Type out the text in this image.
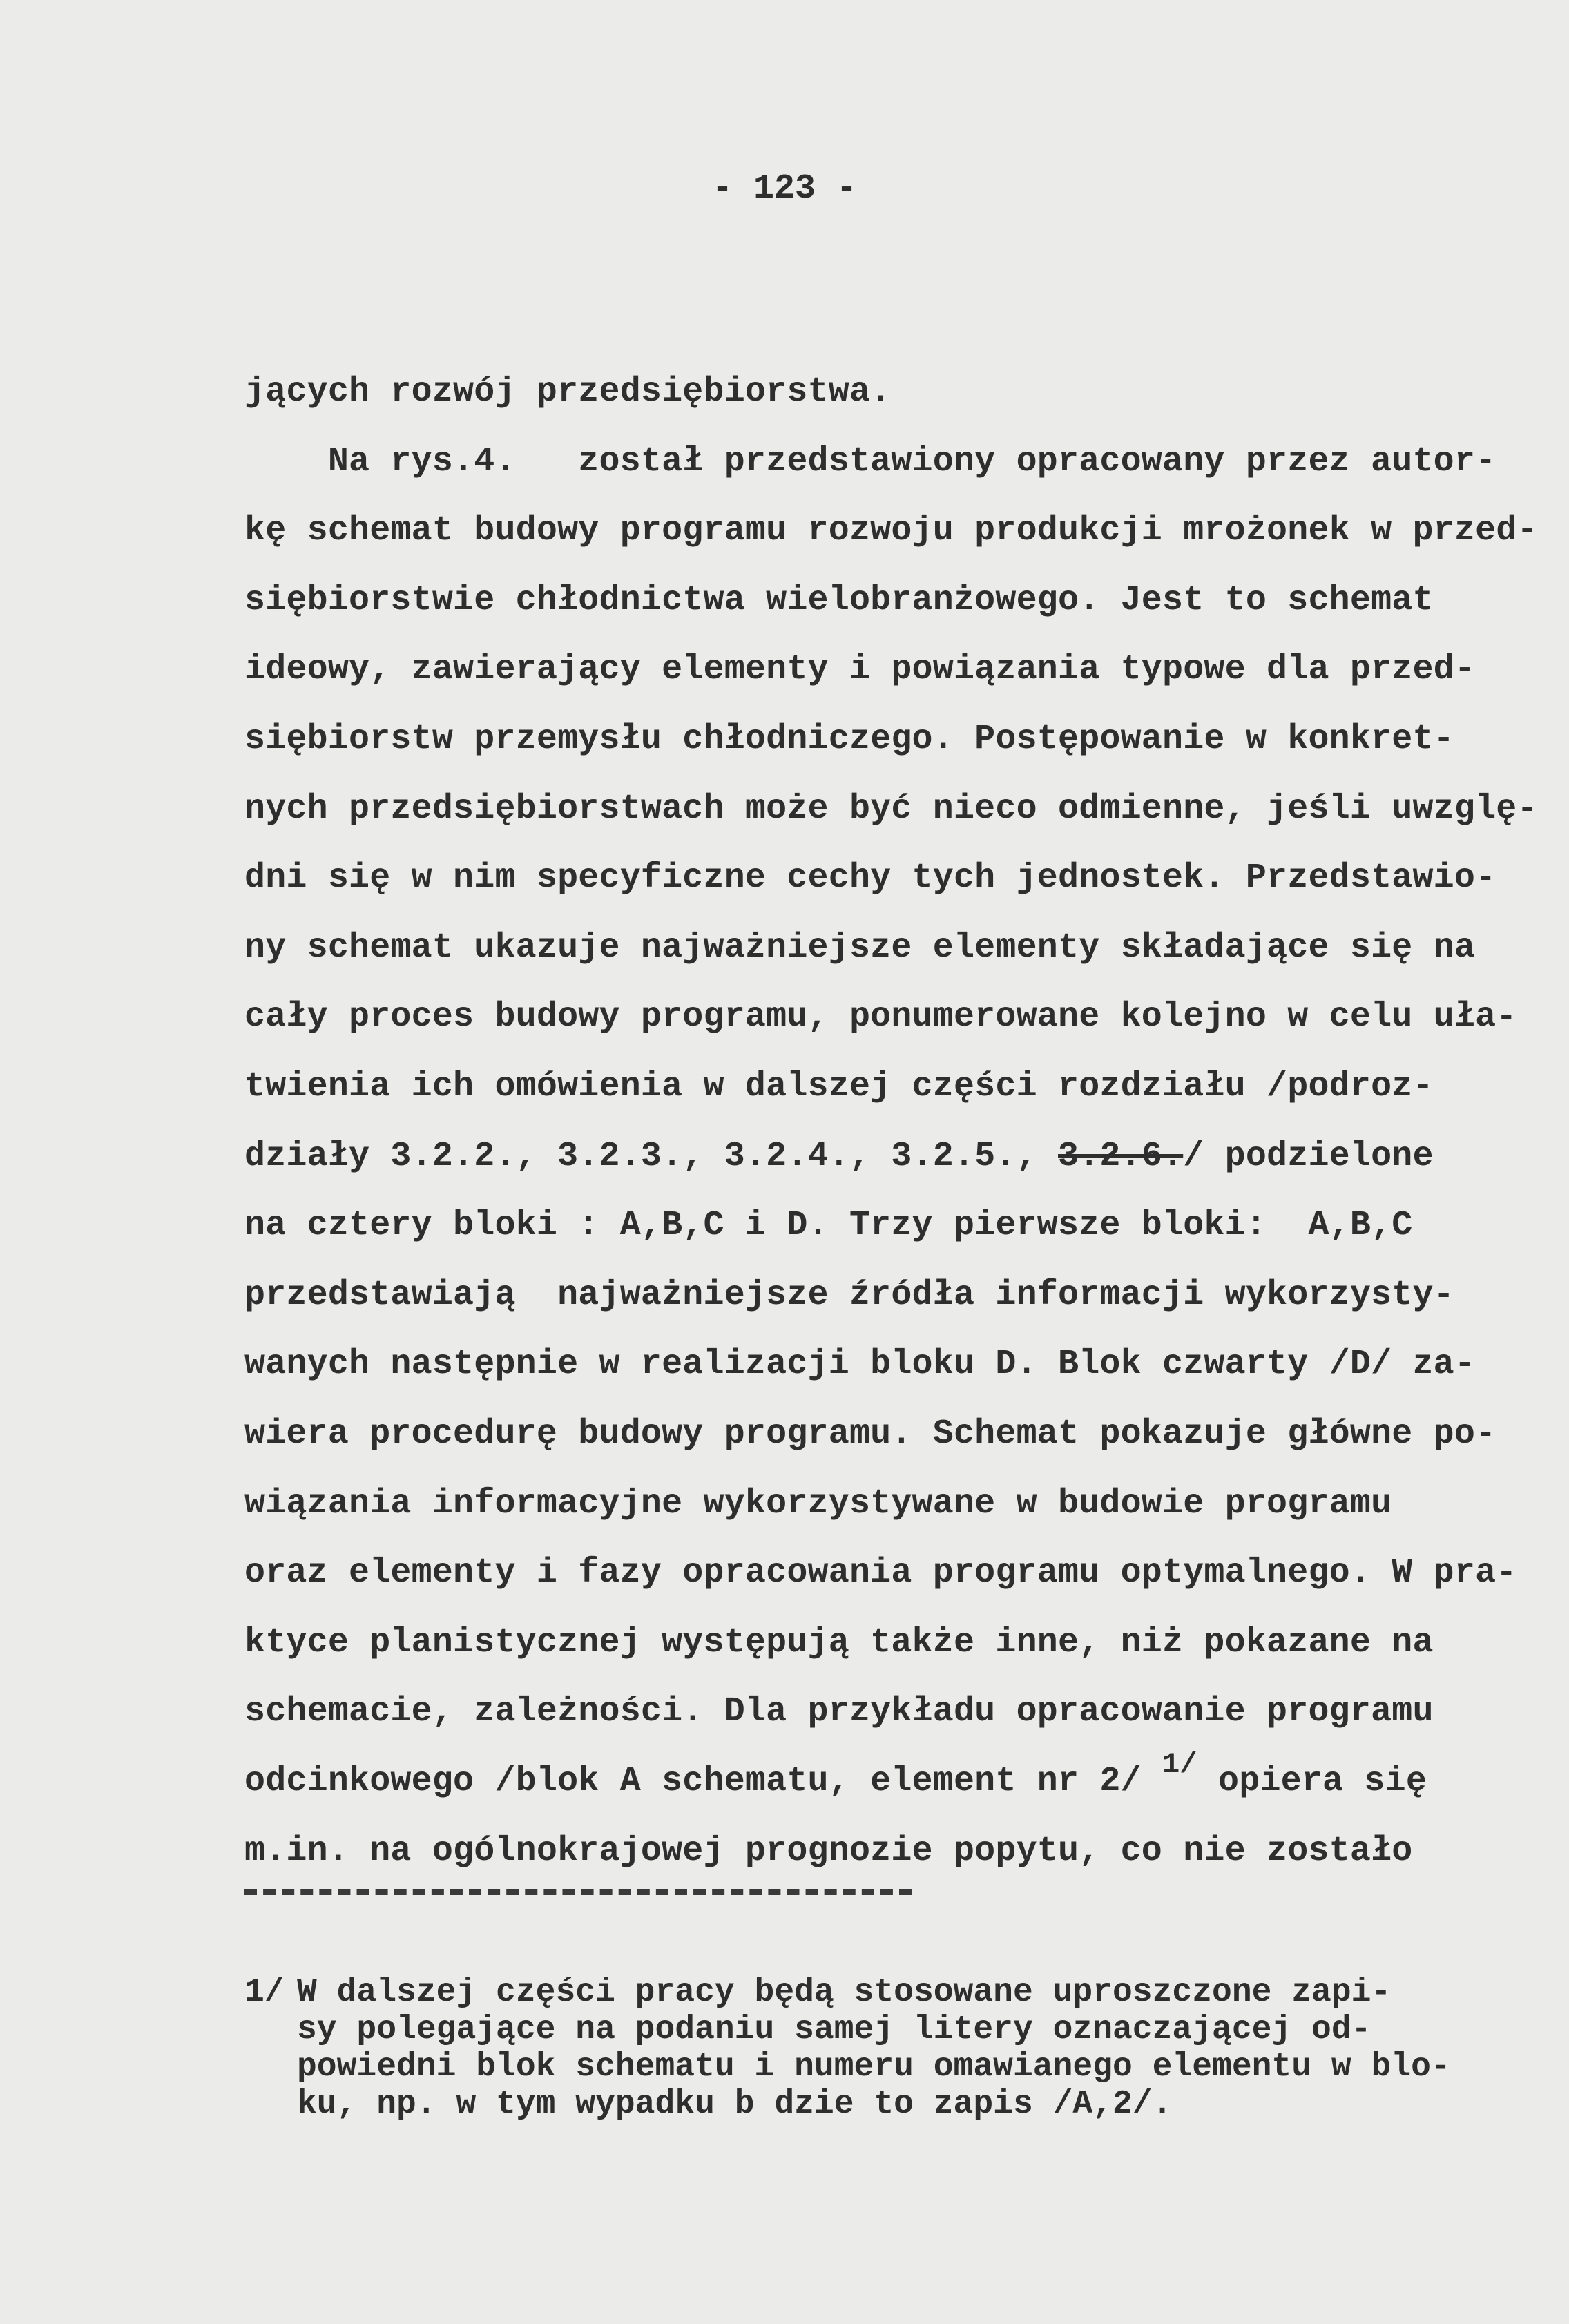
- 123 -
jących rozwój przedsiębiorstwa.
Na rys.4.   został przedstawiony opracowany przez autor-
kę schemat budowy programu rozwoju produkcji mrożonek w przed-
siębiorstwie chłodnictwa wielobranżowego. Jest to schemat
ideowy, zawierający elementy i powiązania typowe dla przed-
siębiorstw przemysłu chłodniczego. Postępowanie w konkret-
nych przedsiębiorstwach może być nieco odmienne, jeśli uwzglę-
dni się w nim specyficzne cechy tych jednostek. Przedstawio-
ny schemat ukazuje najważniejsze elementy składające się na
cały proces budowy programu, ponumerowane kolejno w celu uła-
twienia ich omówienia w dalszej części rozdziału /podroz-
działy 3.2.2., 3.2.3., 3.2.4., 3.2.5., 3.2.6./ podzielone
na cztery bloki : A,B,C i D. Trzy pierwsze bloki:  A,B,C
przedstawiają  najważniejsze źródła informacji wykorzysty-
wanych następnie w realizacji bloku D. Blok czwarty /D/ za-
wiera procedurę budowy programu. Schemat pokazuje główne po-
wiązania informacyjne wykorzystywane w budowie programu
oraz elementy i fazy opracowania programu optymalnego. W pra-
ktyce planistycznej występują także inne, niż pokazane na
schemacie, zależności. Dla przykładu opracowanie programu
odcinkowego /blok A schematu, element nr 2/ $^{1/}$ opiera się
m.in. na ogólnokrajowej prognozie popytu, co nie zostało
1/ W dalszej części pracy będą stosowane uproszczone zapi-
sy polegające na podaniu samej litery oznaczającej od-
powiedni blok schematu i numeru omawianego elementu w blo-
ku, np. w tym wypadku b dzie to zapis /A,2/.
